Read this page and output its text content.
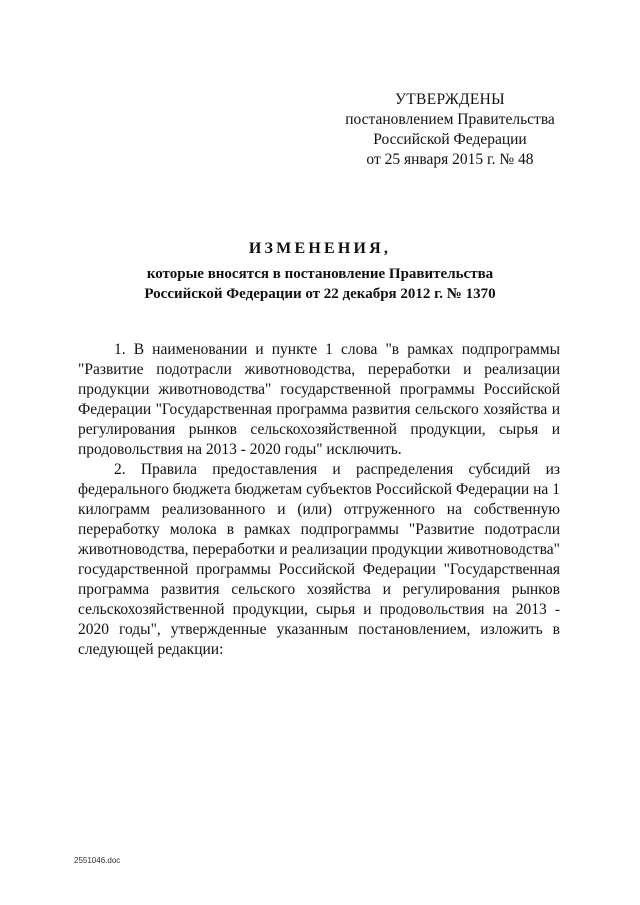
УТВЕРЖДЕНЫ
постановлением Правительства
Российской Федерации
от 25 января 2015 г. № 48
ИЗМЕНЕНИЯ,
которые вносятся в постановление Правительства
Российской Федерации от 22 декабря 2012 г. № 1370

1. В наименовании и пункте 1 слова "в рамках подпрограммы "Развитие подотрасли животноводства, переработки и реализации продукции животноводства" государственной программы Российской Федерации "Государственная программа развития сельского хозяйства и регулирования рынков сельскохозяйственной продукции, сырья и продовольствия на 2013 - 2020 годы" исключить.

2. Правила предоставления и распределения субсидий из федерального бюджета бюджетам субъектов Российской Федерации на 1 килограмм реализованного и (или) отгруженного на собственную переработку молока в рамках подпрограммы "Развитие подотрасли животноводства, переработки и реализации продукции животноводства" государственной программы Российской Федерации "Государственная программа развития сельского хозяйства и регулирования рынков сельскохозяйственной продукции, сырья и продовольствия на 2013 - 2020 годы", утвержденные указанным постановлением, изложить в следующей редакции:

2551046.doc
